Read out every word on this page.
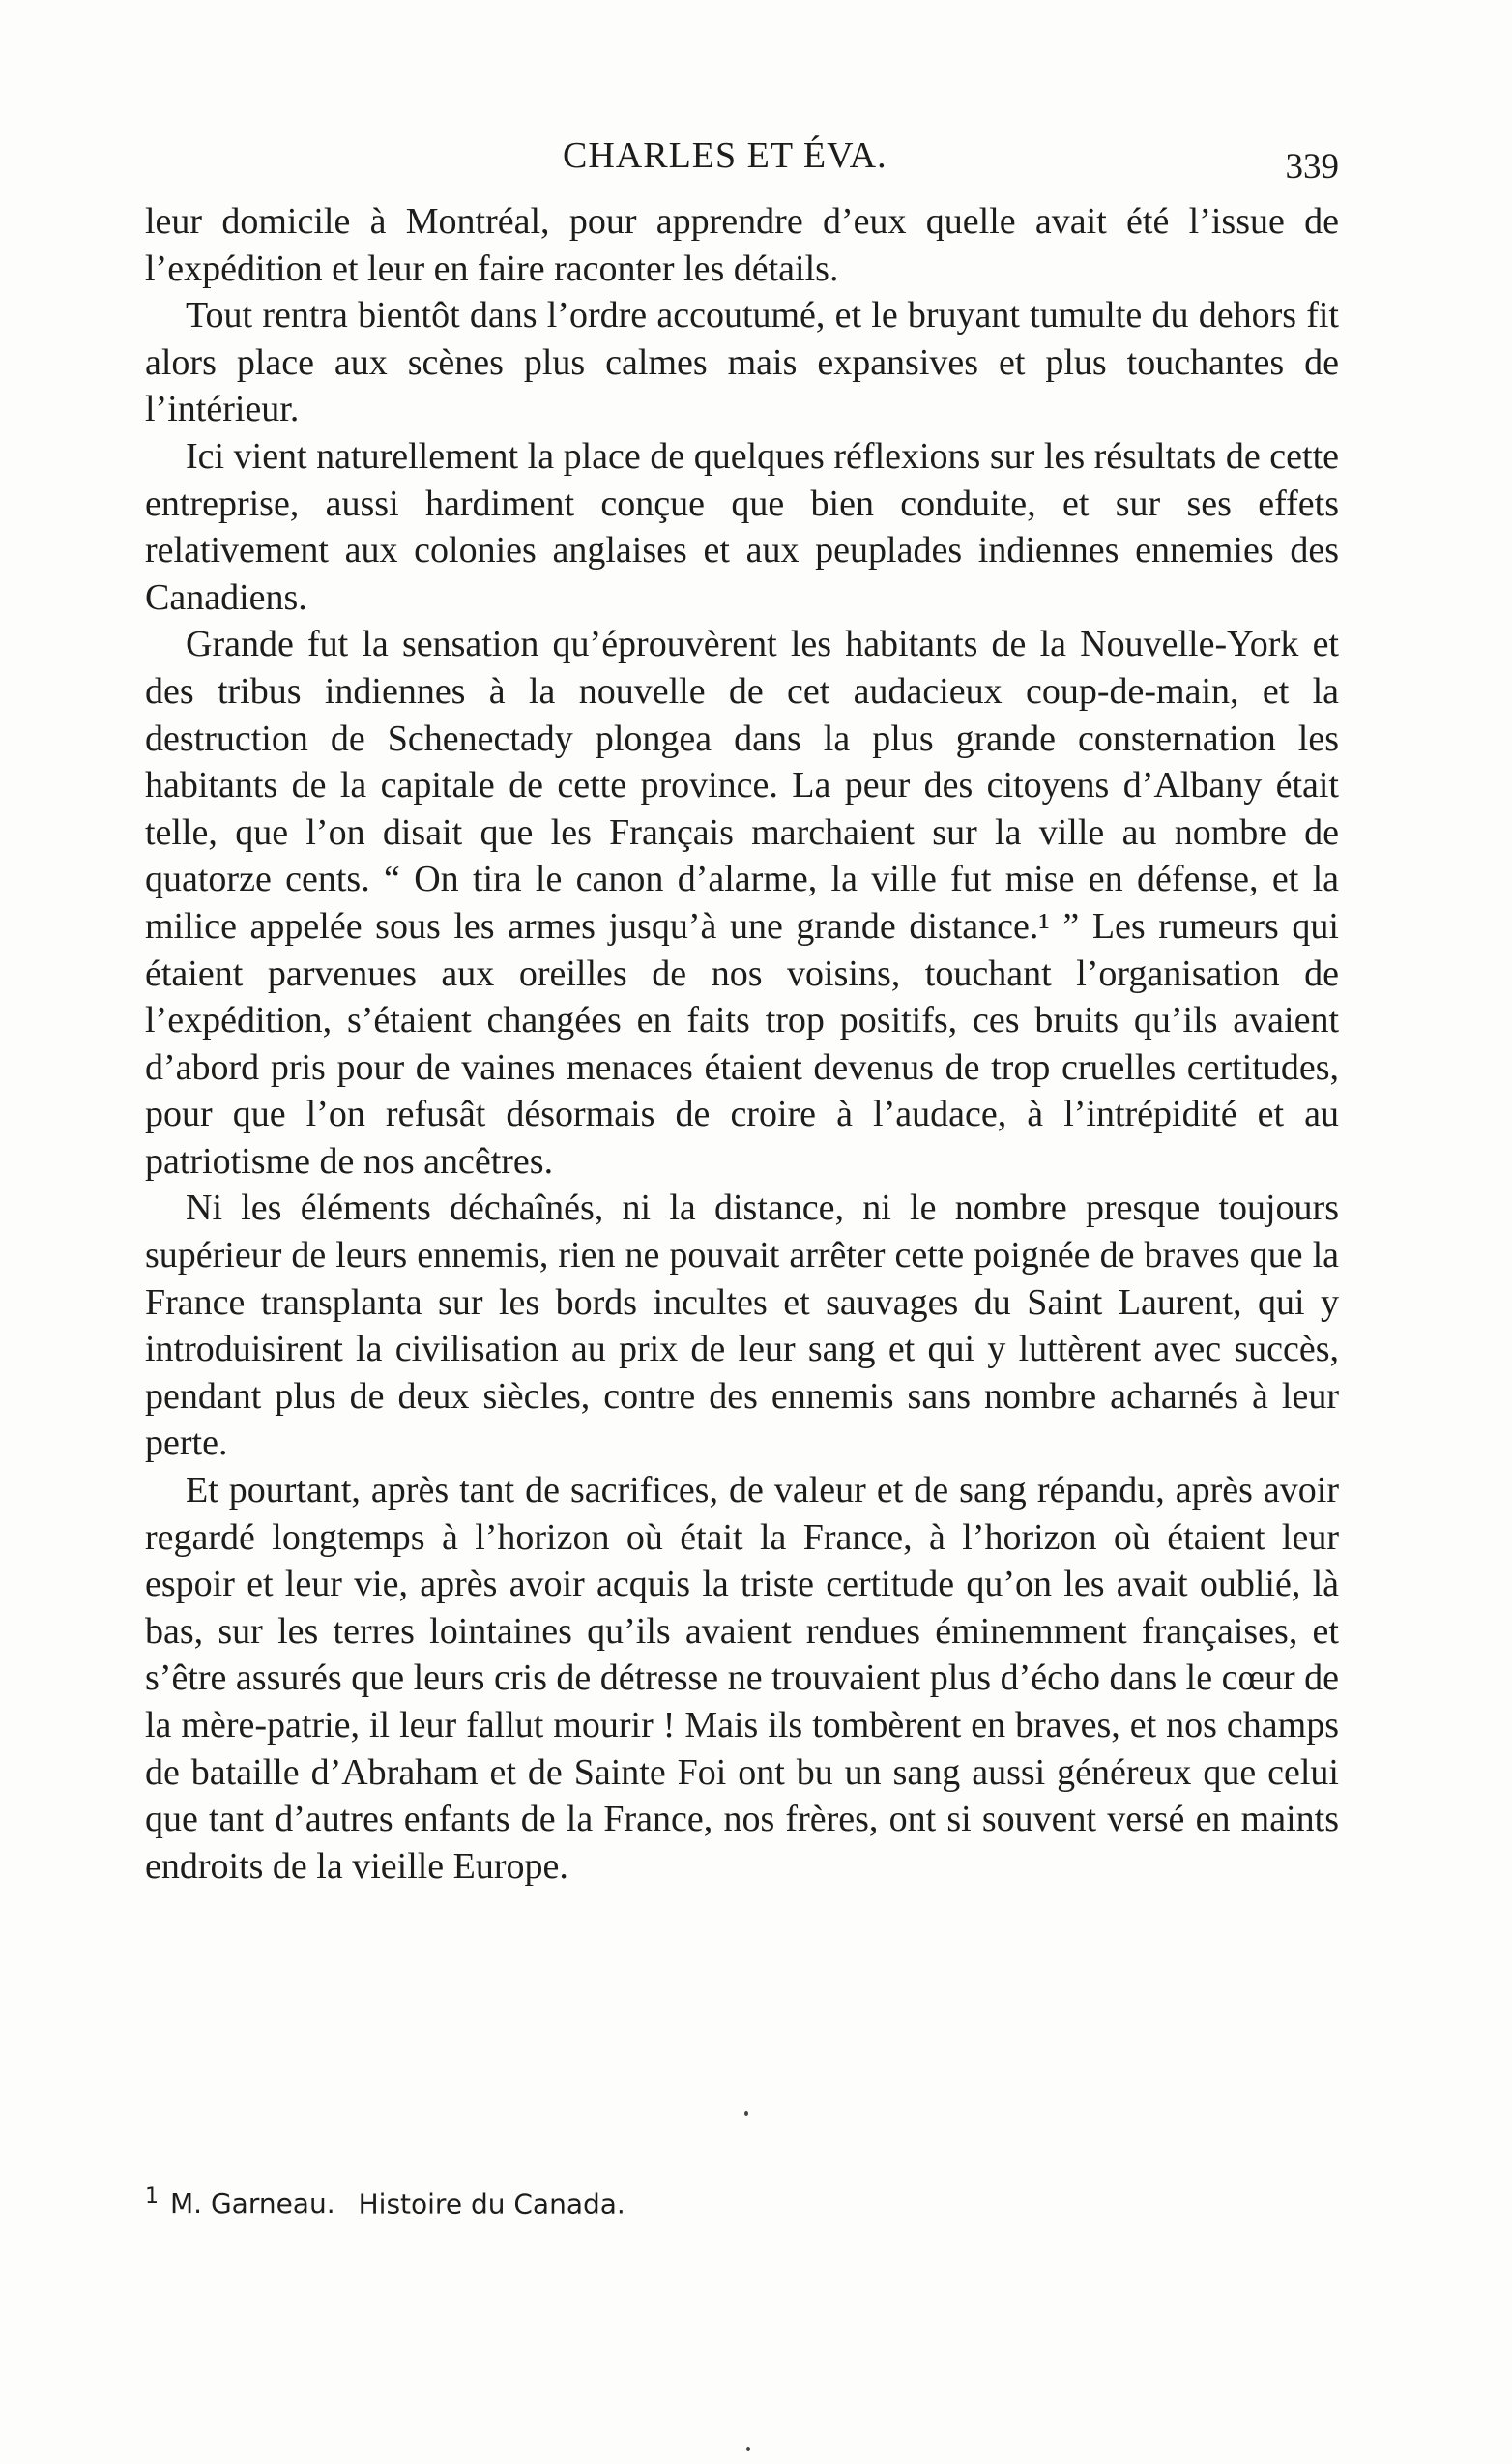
CHARLES ET ÉVA.	339

leur domicile à Montréal, pour apprendre d’eux quelle avait été l’issue de l’expédition et leur en faire raconter les détails.

Tout rentra bientôt dans l’ordre accoutumé, et le bruyant tumulte du dehors fit alors place aux scènes plus calmes mais expansives et plus touchantes de l’intérieur.

Ici vient naturellement la place de quelques réflexions sur les résultats de cette entreprise, aussi hardiment conçue que bien conduite, et sur ses effets relativement aux colonies anglaises et aux peuplades indiennes ennemies des Canadiens.

Grande fut la sensation qu’éprouvèrent les habitants de la Nouvelle-York et des tribus indiennes à la nouvelle de cet audacieux coup-de-main, et la destruction de Schenectady plongea dans la plus grande consternation les habitants de la capitale de cette province. La peur des citoyens d’Albany était telle, que l’on disait que les Français marchaient sur la ville au nombre de quatorze cents. “ On tira le canon d’alarme, la ville fut mise en défense, et la milice appelée sous les armes jusqu’à une grande distance.¹ ” Les rumeurs qui étaient parvenues aux oreilles de nos voisins, touchant l’organisation de l’expédition, s’étaient changées en faits trop positifs, ces bruits qu’ils avaient d’abord pris pour de vaines menaces étaient devenus de trop cruelles certitudes, pour que l’on refusât désormais de croire à l’audace, à l’intrépidité et au patriotisme de nos ancêtres.

Ni les éléments déchaînés, ni la distance, ni le nombre presque toujours supérieur de leurs ennemis, rien ne pouvait arrêter cette poignée de braves que la France transplanta sur les bords incultes et sauvages du Saint Laurent, qui y introduisirent la civilisation au prix de leur sang et qui y luttèrent avec succès, pendant plus de deux siècles, contre des ennemis sans nombre acharnés à leur perte.

Et pourtant, après tant de sacrifices, de valeur et de sang répandu, après avoir regardé longtemps à l’horizon où était la France, à l’horizon où étaient leur espoir et leur vie, après avoir acquis la triste certitude qu’on les avait oublié, là bas, sur les terres lointaines qu’ils avaient rendues éminemment françaises, et s’être assurés que leurs cris de détresse ne trouvaient plus d’écho dans le cœur de la mère-patrie, il leur fallut mourir ! Mais ils tombèrent en braves, et nos champs de bataille d’Abraham et de Sainte Foi ont bu un sang aussi généreux que celui que tant d’autres enfants de la France, nos frères, ont si souvent versé en maints endroits de la vieille Europe.

$^1$ M. Garneau. Histoire du Canada.
